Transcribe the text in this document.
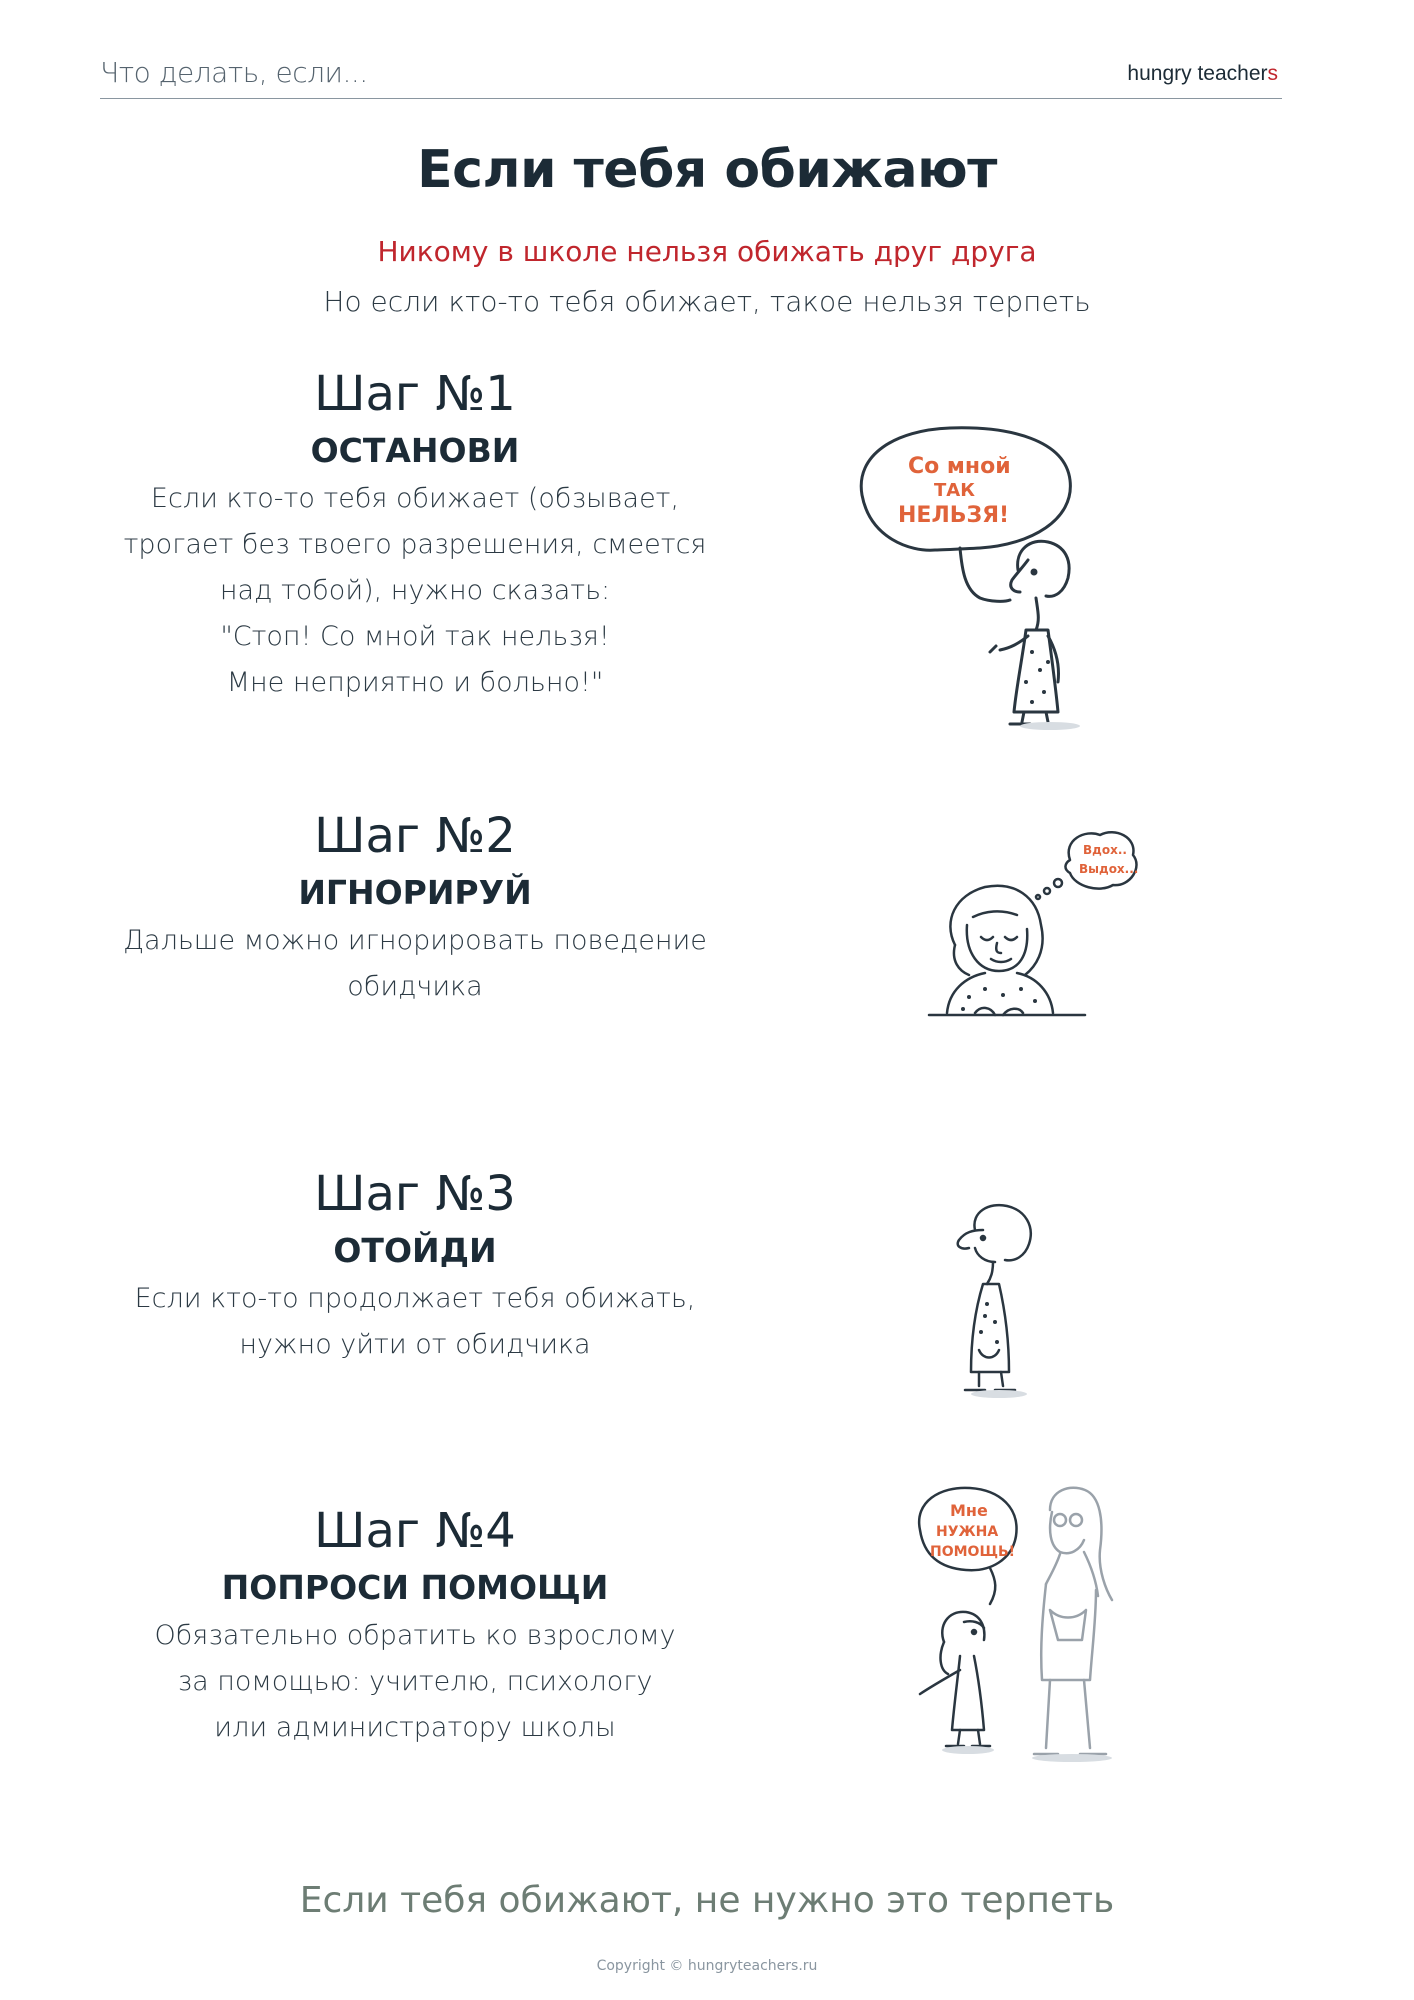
Что делать, если...	hungry teachers
Если тебя обижают
Никому в школе нельзя обижать друг друга
Но если кто-то тебя обижает, такое нельзя терпеть
Шаг №1
ОСТАНОВИ
Если кто-то тебя обижает (обзывает,
трогает без твоего разрешения, смеется
над тобой), нужно сказать:
"Стоп! Со мной так нельзя!
Мне неприятно и больно!"
Со мной
ТАК
НЕЛЬЗЯ!
Шаг №2
ИГНОРИРУЙ
Дальше можно игнорировать поведение
обидчика
Вдох..
Выдох...
Шаг №3
ОТОЙДИ
Если кто-то продолжает тебя обижать,
нужно уйти от обидчика
Шаг №4
ПОПРОСИ ПОМОЩИ
Обязательно обратить ко взрослому
за помощью: учителю, психологу
или администратору школы
Мне
НУЖНА
ПОМОЩЬ!
Если тебя обижают, не нужно это терпеть
Copyright © hungryteachers.ru
